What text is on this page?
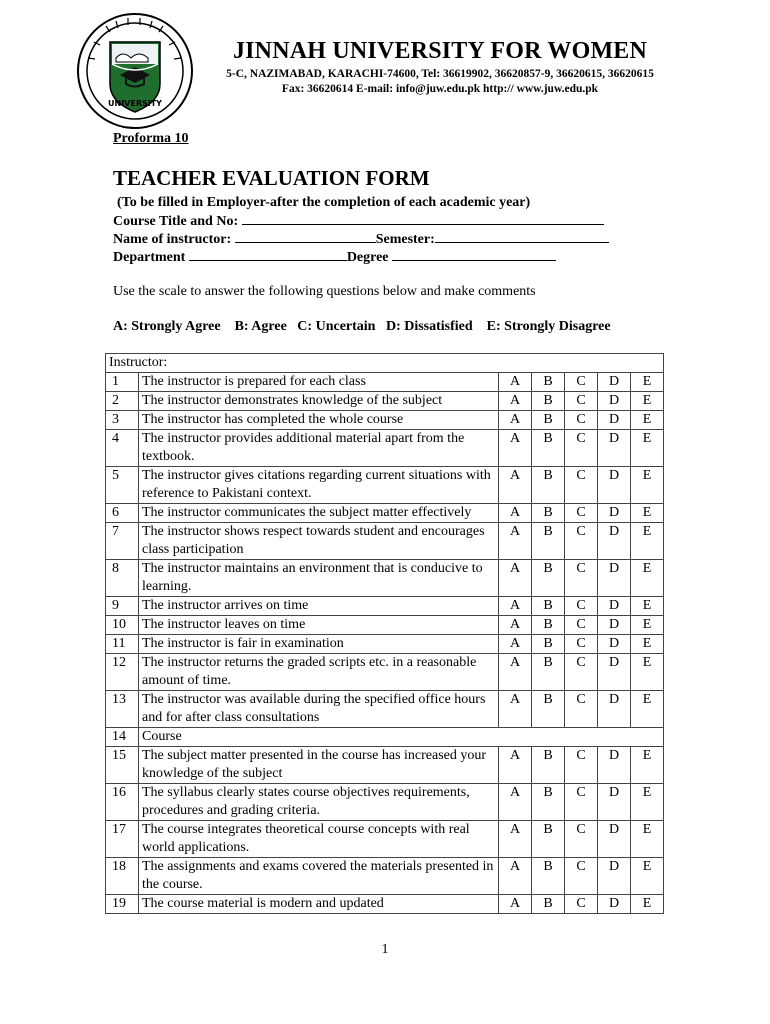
UNIVERSITY
JINNAH UNIVERSITY FOR WOMEN
5-C, NAZIMABAD, KARACHI-74600, Tel: 36619902, 36620857-9, 36620615, 36620615
Fax: 36620614 E-mail: info@juw.edu.pk http:// www.juw.edu.pk
Proforma 10
TEACHER EVALUATION FORM
(To be filled in Employer-after the completion of each academic year)
Course Title and No:
Name of instructor:	Semester:
Department	Degree
Use the scale to answer the following questions below and make comments
A: Strongly Agree    B: Agree   C: Uncertain   D: Dissatisfied    E: Strongly Disagree
Instructor:						
1	The instructor is prepared for each class	A	B	C	D	E
2	The instructor demonstrates knowledge of the subject	A	B	C	D	E
3	The instructor has completed the whole course	A	B	C	D	E
4	The instructor provides additional material apart from the textbook.	A	B	C	D	E
5	The instructor gives citations regarding current situations with reference to Pakistani context.	A	B	C	D	E
6	The instructor communicates the subject matter effectively	A	B	C	D	E
7	The instructor shows respect towards student and encourages class participation	A	B	C	D	E
8	The instructor maintains an environment that is conducive to learning.	A	B	C	D	E
9	The instructor arrives on time	A	B	C	D	E
10	The instructor leaves on time	A	B	C	D	E
11	The instructor is fair in examination	A	B	C	D	E
12	The instructor returns the graded scripts etc. in a reasonable amount of time.	A	B	C	D	E
13	The instructor was available during the specified office hours and for after class consultations	A	B	C	D	E
14	Course					
15	The subject matter presented in the course has increased your knowledge of the subject	A	B	C	D	E
16	The syllabus clearly states course objectives requirements, procedures and grading criteria.	A	B	C	D	E
17	The course integrates theoretical course concepts with real world applications.	A	B	C	D	E
18	The assignments and exams covered the materials presented in the course.	A	B	C	D	E
19	The course material is modern and updated	A	B	C	D	E
1
